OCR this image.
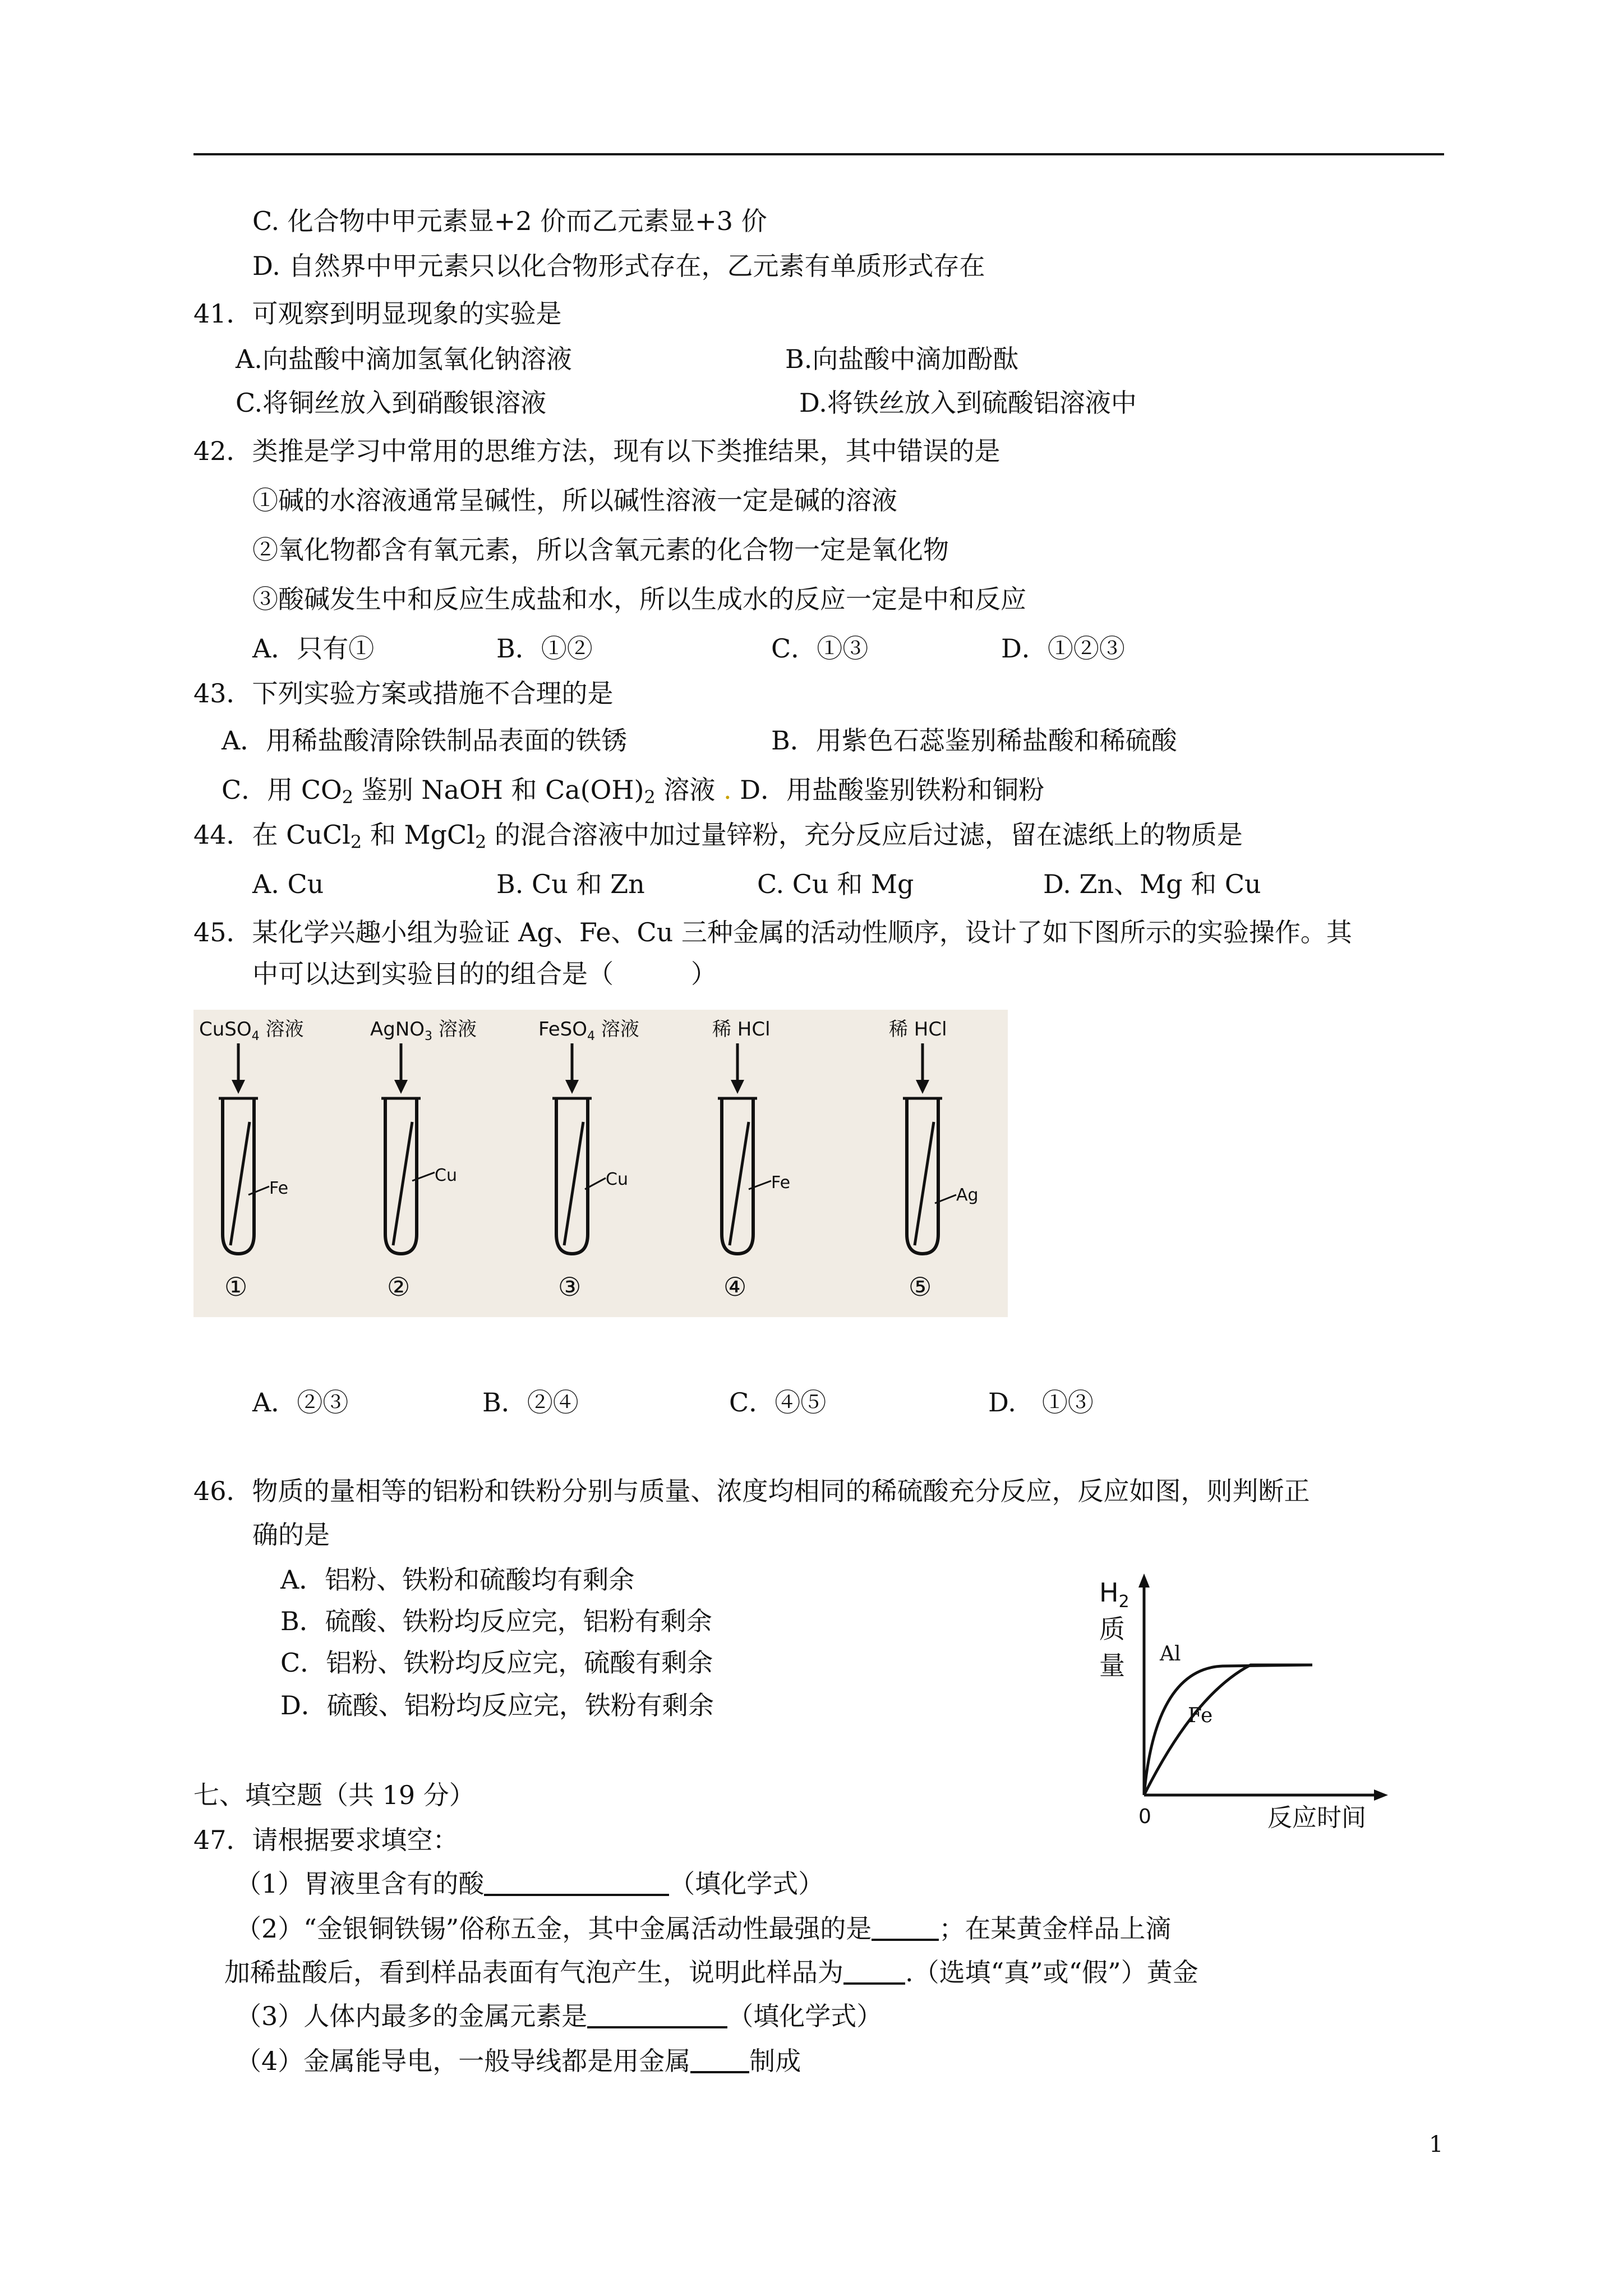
C. 化合物中甲元素显+2 价而乙元素显+3 价
D. 自然界中甲元素只以化合物形式存在，乙元素有单质形式存在
41．可观察到明显现象的实验是
A.向盐酸中滴加氢氧化钠溶液	B.向盐酸中滴加酚酞
C.将铜丝放入到硝酸银溶液	D.将铁丝放入到硫酸铝溶液中
42．类推是学习中常用的思维方法，现有以下类推结果，其中错误的是
①碱的水溶液通常呈碱性，所以碱性溶液一定是碱的溶液
②氧化物都含有氧元素，所以含氧元素的化合物一定是氧化物
③酸碱发生中和反应生成盐和水，所以生成水的反应一定是中和反应
A．只有①	B．①②	C．①③	D．①②③
43．下列实验方案或措施不合理的是
A．用稀盐酸清除铁制品表面的铁锈	B．用紫色石蕊鉴别稀盐酸和稀硫酸
C．用 $CO_2$ 鉴别 NaOH 和 $Ca(OH)_2$ 溶液 . D．用盐酸鉴别铁粉和铜粉
44．在 CuCl$_2$ 和 MgCl$_2$ 的混合溶液中加过量锌粉，充分反应后过滤，留在滤纸上的物质是
A. Cu	B. Cu 和 Zn	C. Cu 和 Mg	D. Zn、Mg 和 Cu
45．某化学兴趣小组为验证 Ag、Fe、Cu 三种金属的活动性顺序，设计了如下图所示的实验操作。其
中可以达到实验目的的组合是（　　　）
CuSO$_4$ 溶液
Fe
①
AgNO$_3$ 溶液
Cu
②
FeSO$_4$ 溶液
Cu
③
稀 HCl
Fe
④
稀 HCl
Ag
⑤
A．②③	B．②④	C．④⑤	D.　①③
46．物质的量相等的铝粉和铁粉分别与质量、浓度均相同的稀硫酸充分反应，反应如图，则判断正
确的是
A．铝粉、铁粉和硫酸均有剩余
B．硫酸、铁粉均反应完，铝粉有剩余
C．铝粉、铁粉均反应完，硫酸有剩余
D．硫酸、铝粉均反应完，铁粉有剩余
$H_2$
质
量 Al
Fe
0	反应时间
七、填空题（共 19 分）
47．请根据要求填空：
（1）胃液里含有的酸	（填化学式）
（2）“金银铜铁锡”俗称五金，其中金属活动性最强的是	；在某黄金样品上滴
加稀盐酸后，看到样品表面有气泡产生，说明此样品为 .（选填“真”或“假”）黄金
（3）人体内最多的金属元素是	（填化学式）
（4）金属能导电，一般导线都是用金属 制成
1
